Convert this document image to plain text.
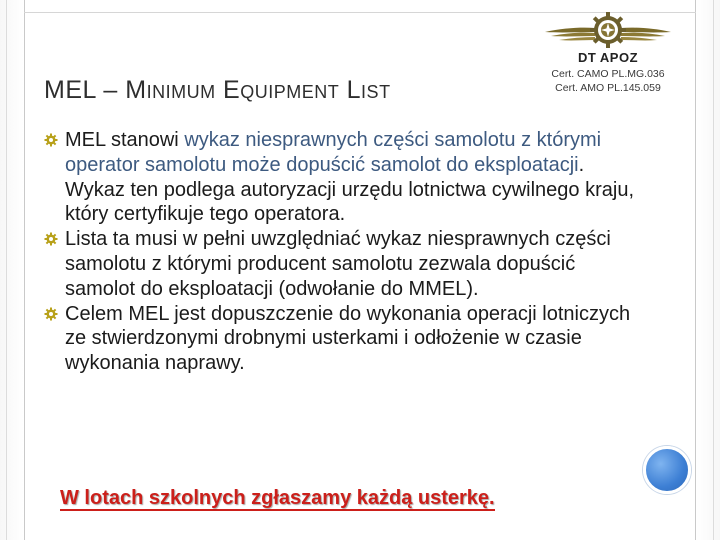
MEL – Minimum Equipment List
DT APOZ
Cert. CAMO PL.MG.036
Cert. AMO PL.145.059
MEL stanowi wykaz niesprawnych części samolotu z którymi operator samolotu może dopuścić samolot do eksploatacji. Wykaz ten podlega autoryzacji urzędu lotnictwa cywilnego kraju, który certyfikuje tego operatora.
Lista ta musi w pełni uwzględniać wykaz niesprawnych części samolotu z którymi producent samolotu zezwala dopuścić samolot do eksploatacji (odwołanie do MMEL).
Celem MEL jest dopuszczenie do wykonania operacji lotniczych ze stwierdzonymi drobnymi usterkami i odłożenie w czasie wykonania naprawy.
W lotach szkolnych zgłaszamy każdą usterkę.
